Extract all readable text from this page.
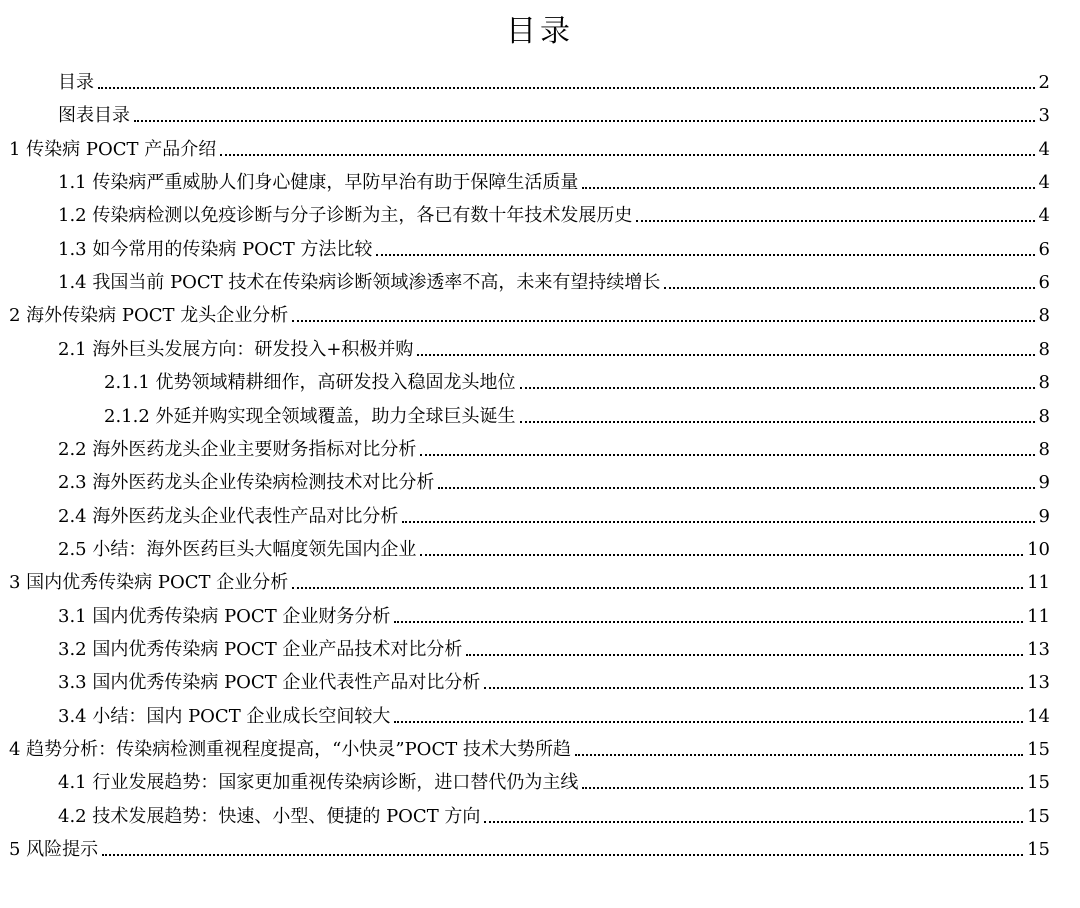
目录
目录	2
图表目录	3
1 传染病 POCT 产品介绍	4
1.1 传染病严重威胁人们身心健康，早防早治有助于保障生活质量	4
1.2 传染病检测以免疫诊断与分子诊断为主，各已有数十年技术发展历史	4
1.3 如今常用的传染病 POCT 方法比较	6
1.4 我国当前 POCT 技术在传染病诊断领域渗透率不高，未来有望持续增长	6
2 海外传染病 POCT 龙头企业分析	8
2.1 海外巨头发展方向：研发投入+积极并购	8
2.1.1 优势领域精耕细作，高研发投入稳固龙头地位	8
2.1.2 外延并购实现全领域覆盖，助力全球巨头诞生	8
2.2 海外医药龙头企业主要财务指标对比分析	8
2.3 海外医药龙头企业传染病检测技术对比分析	9
2.4 海外医药龙头企业代表性产品对比分析	9
2.5 小结：海外医药巨头大幅度领先国内企业	10
3 国内优秀传染病 POCT 企业分析	11
3.1 国内优秀传染病 POCT 企业财务分析	11
3.2 国内优秀传染病 POCT 企业产品技术对比分析	13
3.3 国内优秀传染病 POCT 企业代表性产品对比分析	13
3.4 小结：国内 POCT 企业成长空间较大	14
4 趋势分析：传染病检测重视程度提高，“小快灵”POCT 技术大势所趋	15
4.1 行业发展趋势：国家更加重视传染病诊断，进口替代仍为主线	15
4.2 技术发展趋势：快速、小型、便捷的 POCT 方向	15
5 风险提示	15
